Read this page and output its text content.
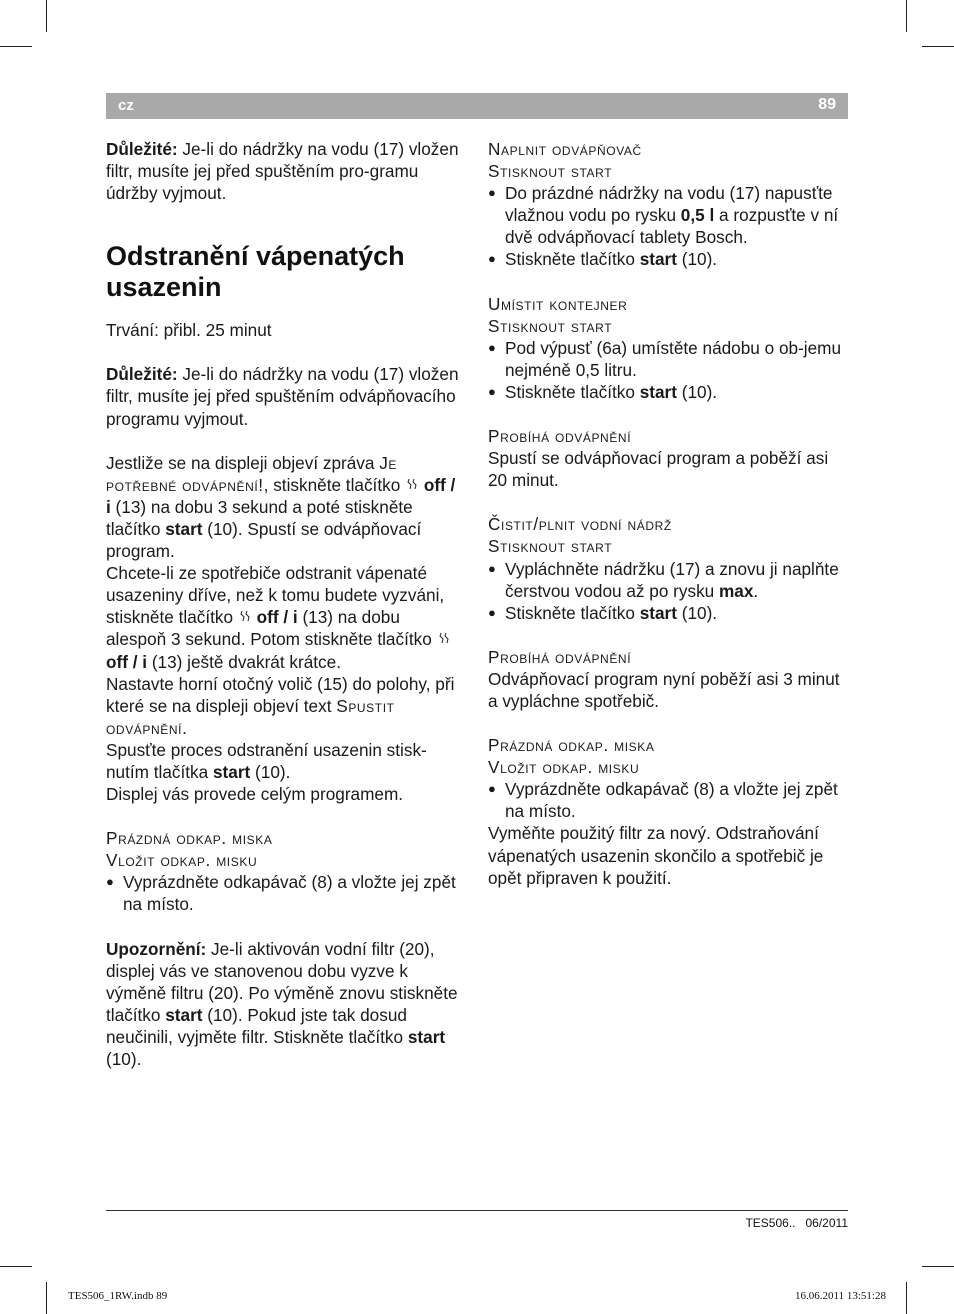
cz	89

Důležité: Je-li do nádržky na vodu (17) vložen filtr, musíte jej před spuštěním pro-gramu údržby vyjmout.

Odstranění vápenatých usazenin

Trvání: přibl. 25 minut

Důležité: Je-li do nádržky na vodu (17) vložen filtr, musíte jej před spuštěním odvápňovacího programu vyjmout.

Jestliže se na displeji objeví zpráva Je potřebné odvápnění!, stiskněte tlačítko  off / i (13) na dobu 3 sekund a poté stiskněte tlačítko start (10). Spustí se odvápňovací program.

Chcete-li ze spotřebiče odstranit vápenaté usazeniny dříve, než k tomu budete vyzváni, stiskněte tlačítko  off / i (13) na dobu alespoň 3 sekund. Potom stiskněte tlačítko  off / i (13) ještě dvakrát krátce.

Nastavte horní otočný volič (15) do polohy, při které se na displeji objeví text Spustit odvápnění.

Spusťte proces odstranění usazenin stisk-nutím tlačítka start (10).

Displej vás provede celým programem.

Prázdná odkap. miska

Vložit odkap. misku

● Vyprázdněte odkapávač (8) a vložte jej zpět na místo.

Upozornění: Je-li aktivován vodní filtr (20), displej vás ve stanovenou dobu vyzve k výměně filtru (20). Po výměně znovu stiskněte tlačítko start (10). Pokud jste tak dosud neučinili, vyjměte filtr. Stiskněte tlačítko start (10).

Naplnit odvápňovač

Stisknout start

● Do prázdné nádržky na vodu (17) napusťte vlažnou vodu po rysku 0,5 l a rozpusťte v ní dvě odvápňovací tablety Bosch.

● Stiskněte tlačítko start (10).

Umístit kontejner

Stisknout start

● Pod výpusť (6a) umístěte nádobu o ob-jemu nejméně 0,5 litru.

● Stiskněte tlačítko start (10).

Probíhá odvápnění

Spustí se odvápňovací program a poběží asi 20 minut.

Čistit/plnit vodní nádrž

Stisknout start

● Vypláchněte nádržku (17) a znovu ji naplňte čerstvou vodou až po rysku max.

● Stiskněte tlačítko start (10).

Probíhá odvápnění

Odvápňovací program nyní poběží asi 3 minut a vypláchne spotřebič.

Prázdná odkap. miska

Vložit odkap. misku

● Vyprázdněte odkapávač (8) a vložte jej zpět na místo.

Vyměňte použitý filtr za nový. Odstraňování vápenatých usazenin skončilo a spotřebič je opět připraven k použití.

TES506.. 06/2011
TES506_1RW.indb 89	16.06.2011 13:51:28
